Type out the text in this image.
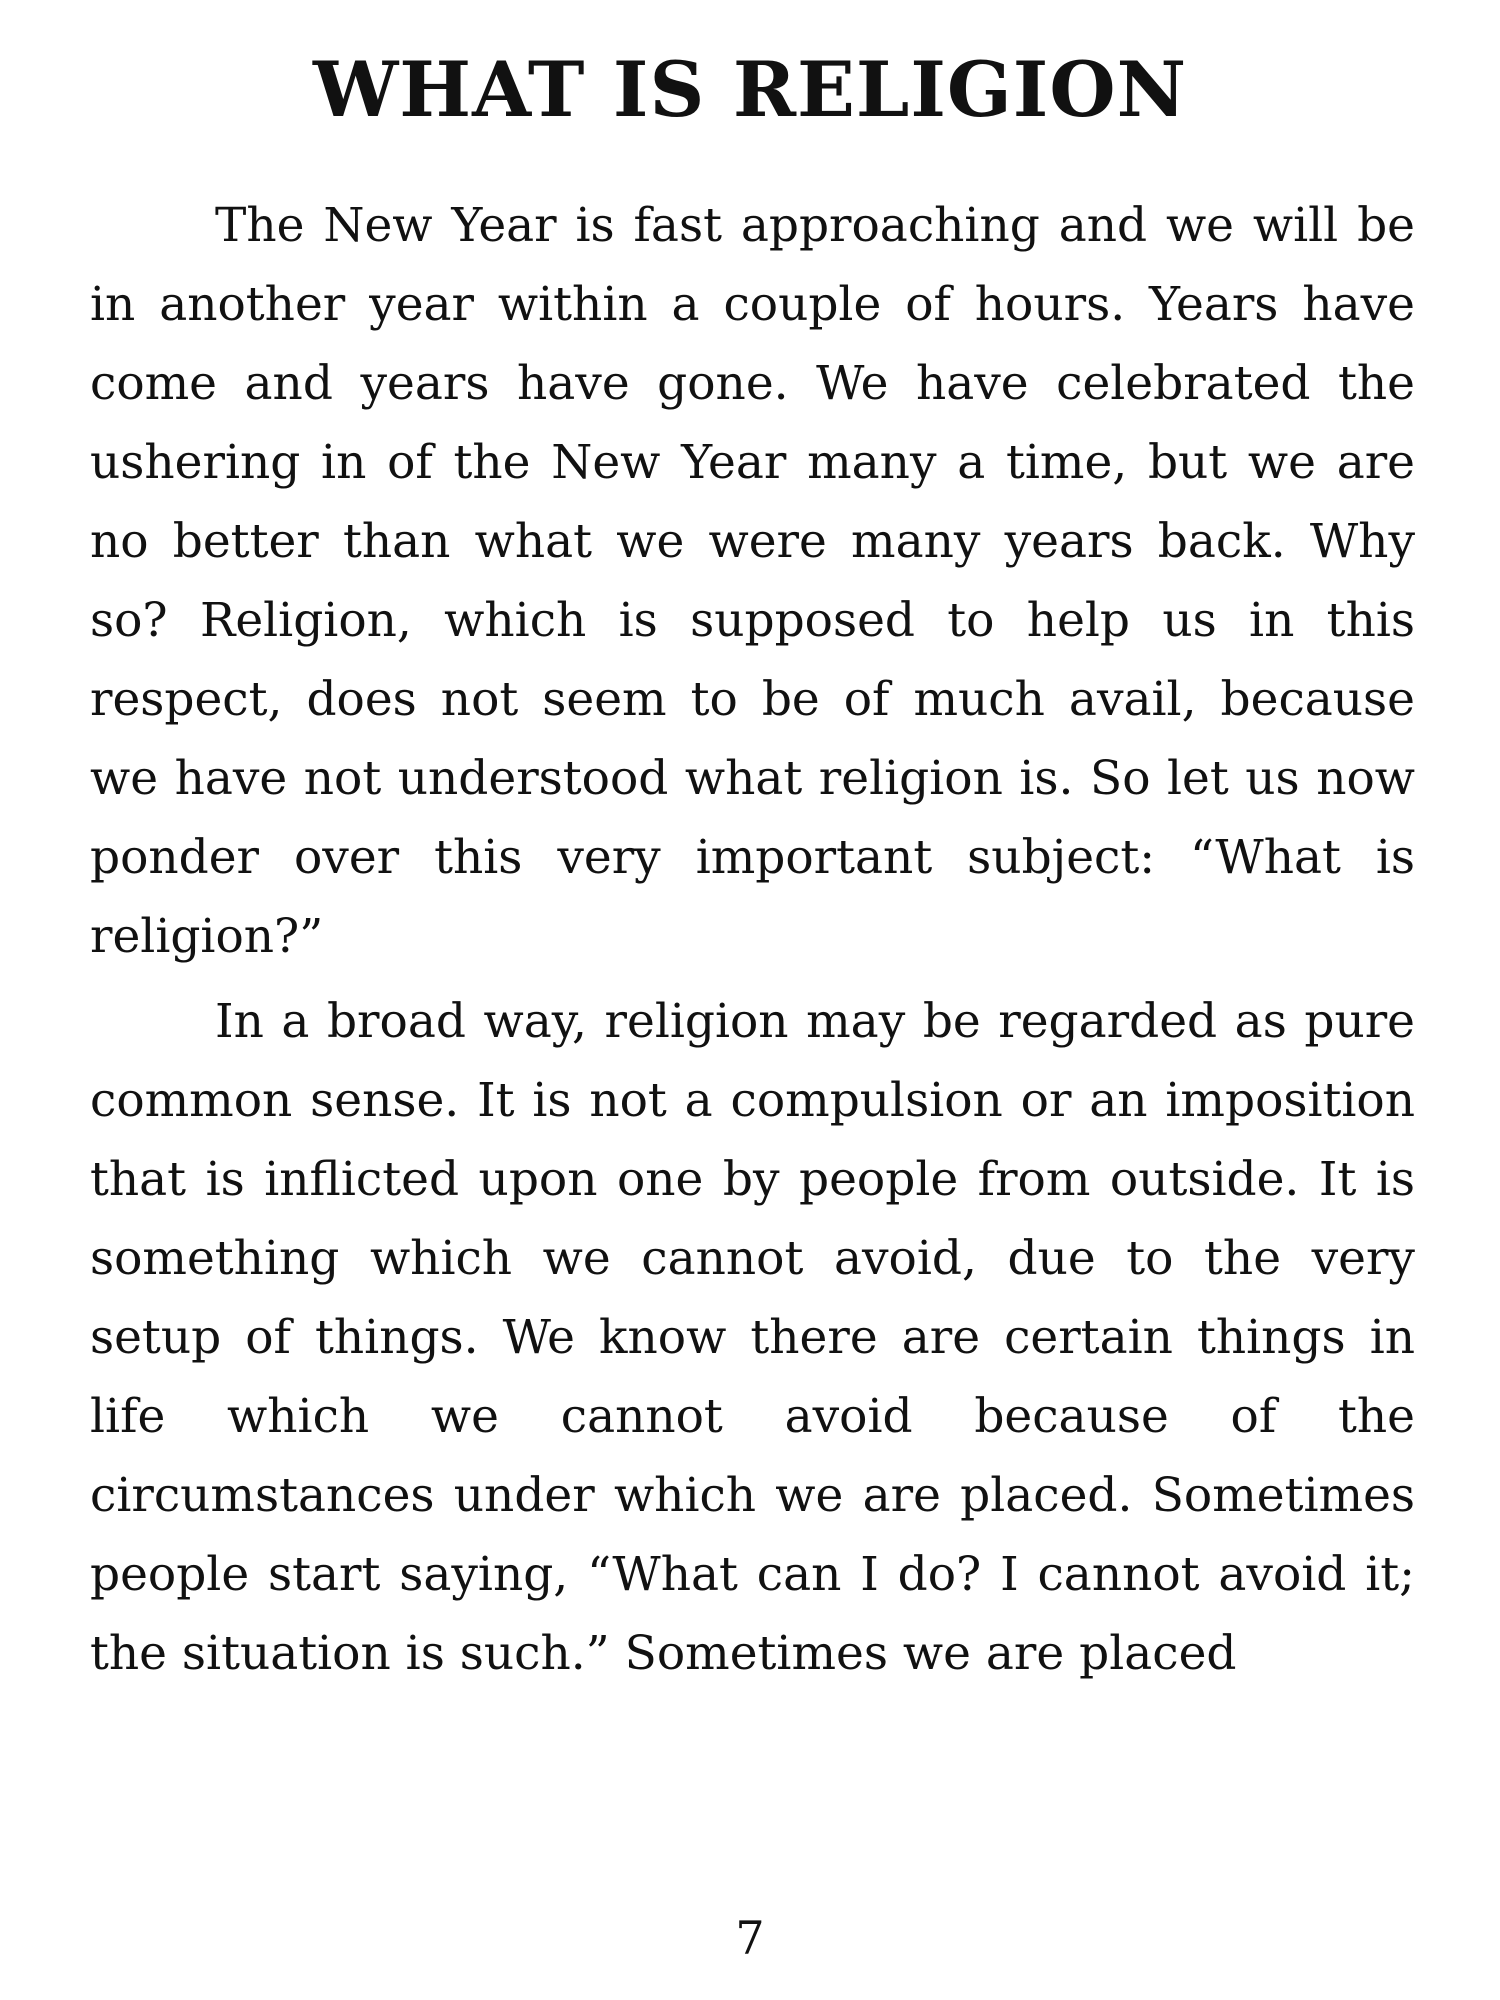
WHAT IS RELIGION

The New Year is fast approaching and we will be in another year within a couple of hours. Years have come and years have gone. We have celebrated the ushering in of the New Year many a time, but we are no better than what we were many years back. Why so? Religion, which is supposed to help us in this respect, does not seem to be of much avail, because we have not understood what religion is. So let us now ponder over this very important subject: “What is religion?”

In a broad way, religion may be regarded as pure common sense. It is not a compulsion or an imposition that is inflicted upon one by people from outside. It is something which we cannot avoid, due to the very setup of things. We know there are certain things in life which we cannot avoid because of the circumstances under which we are placed. Sometimes people start saying, “What can I do? I cannot avoid it; the situation is such.” Sometimes we are placed

7
